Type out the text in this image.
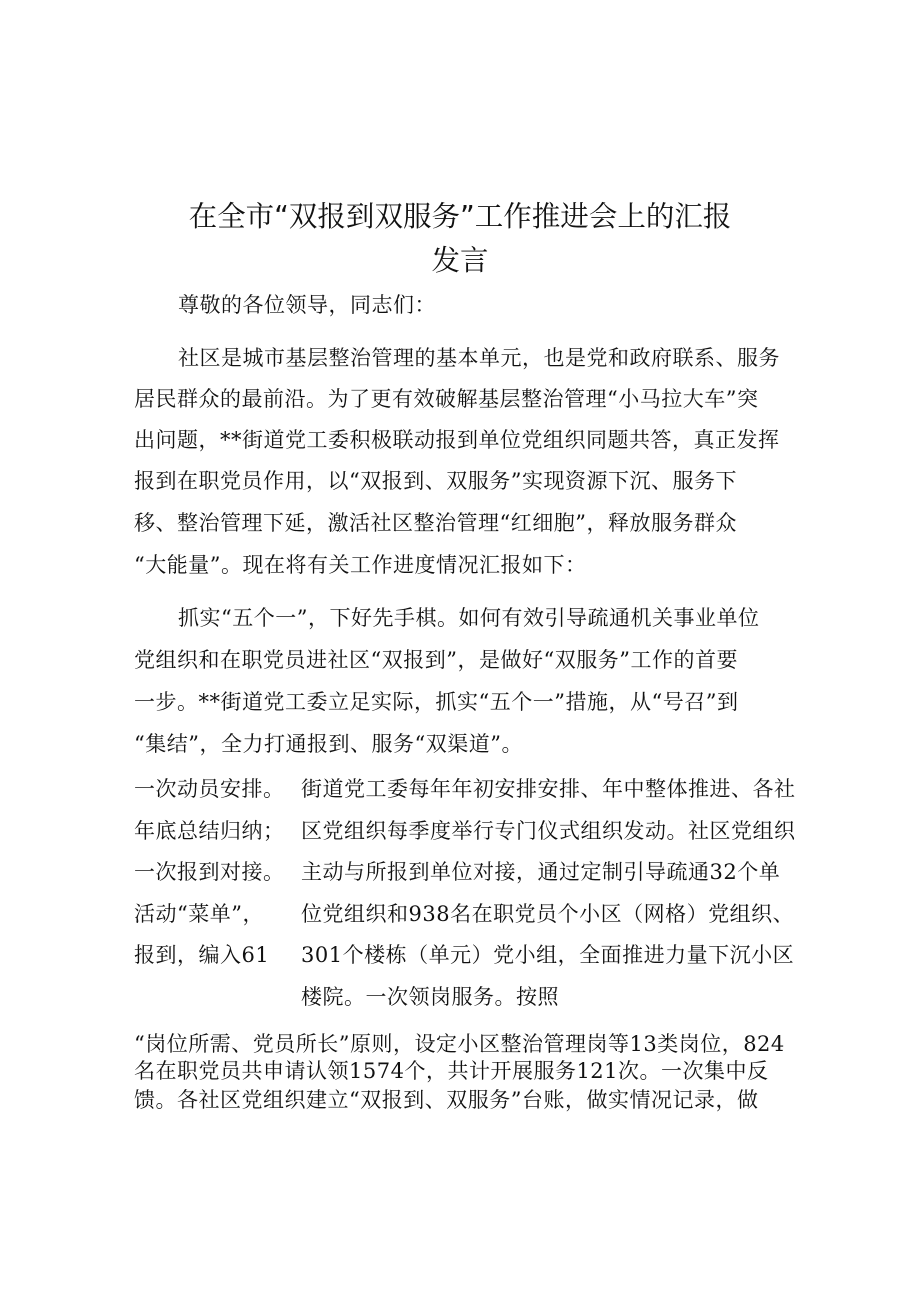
在全市“双报到双服务”工作推进会上的汇报
发言
尊敬的各位领导，同志们：
社区是城市基层整治管理的基本单元，也是党和政府联系、服务
居民群众的最前沿。为了更有效破解基层整治管理“小马拉大车”突
出问题，**街道党工委积极联动报到单位党组织同题共答，真正发挥
报到在职党员作用，以“双报到、双服务”实现资源下沉、服务下
移、整治管理下延，激活社区整治管理“红细胞”，释放服务群众
“大能量”。现在将有关工作进度情况汇报如下：
抓实“五个一”，下好先手棋。如何有效引导疏通机关事业单位
党组织和在职党员进社区“双报到”，是做好“双服务”工作的首要
一步。**街道党工委立足实际，抓实“五个一”措施，从“号召”到
“集结”，全力打通报到、服务“双渠道”。
一次动员安排。
年底总结归纳；
一次报到对接。
活动“菜单”，
报到，编入61
街道党工委每年年初安排安排、年中整体推进、各社
区党组织每季度举行专门仪式组织发动。社区党组织
主动与所报到单位对接，通过定制引导疏通32个单
位党组织和938名在职党员个小区（网格）党组织、
301个楼栋（单元）党小组，全面推进力量下沉小区
楼院。一次领岗服务。按照
“岗位所需、党员所长”原则，设定小区整治管理岗等13类岗位，824
名在职党员共申请认领1574个，共计开展服务121次。一次集中反
馈。各社区党组织建立“双报到、双服务”台账，做实情况记录，做
